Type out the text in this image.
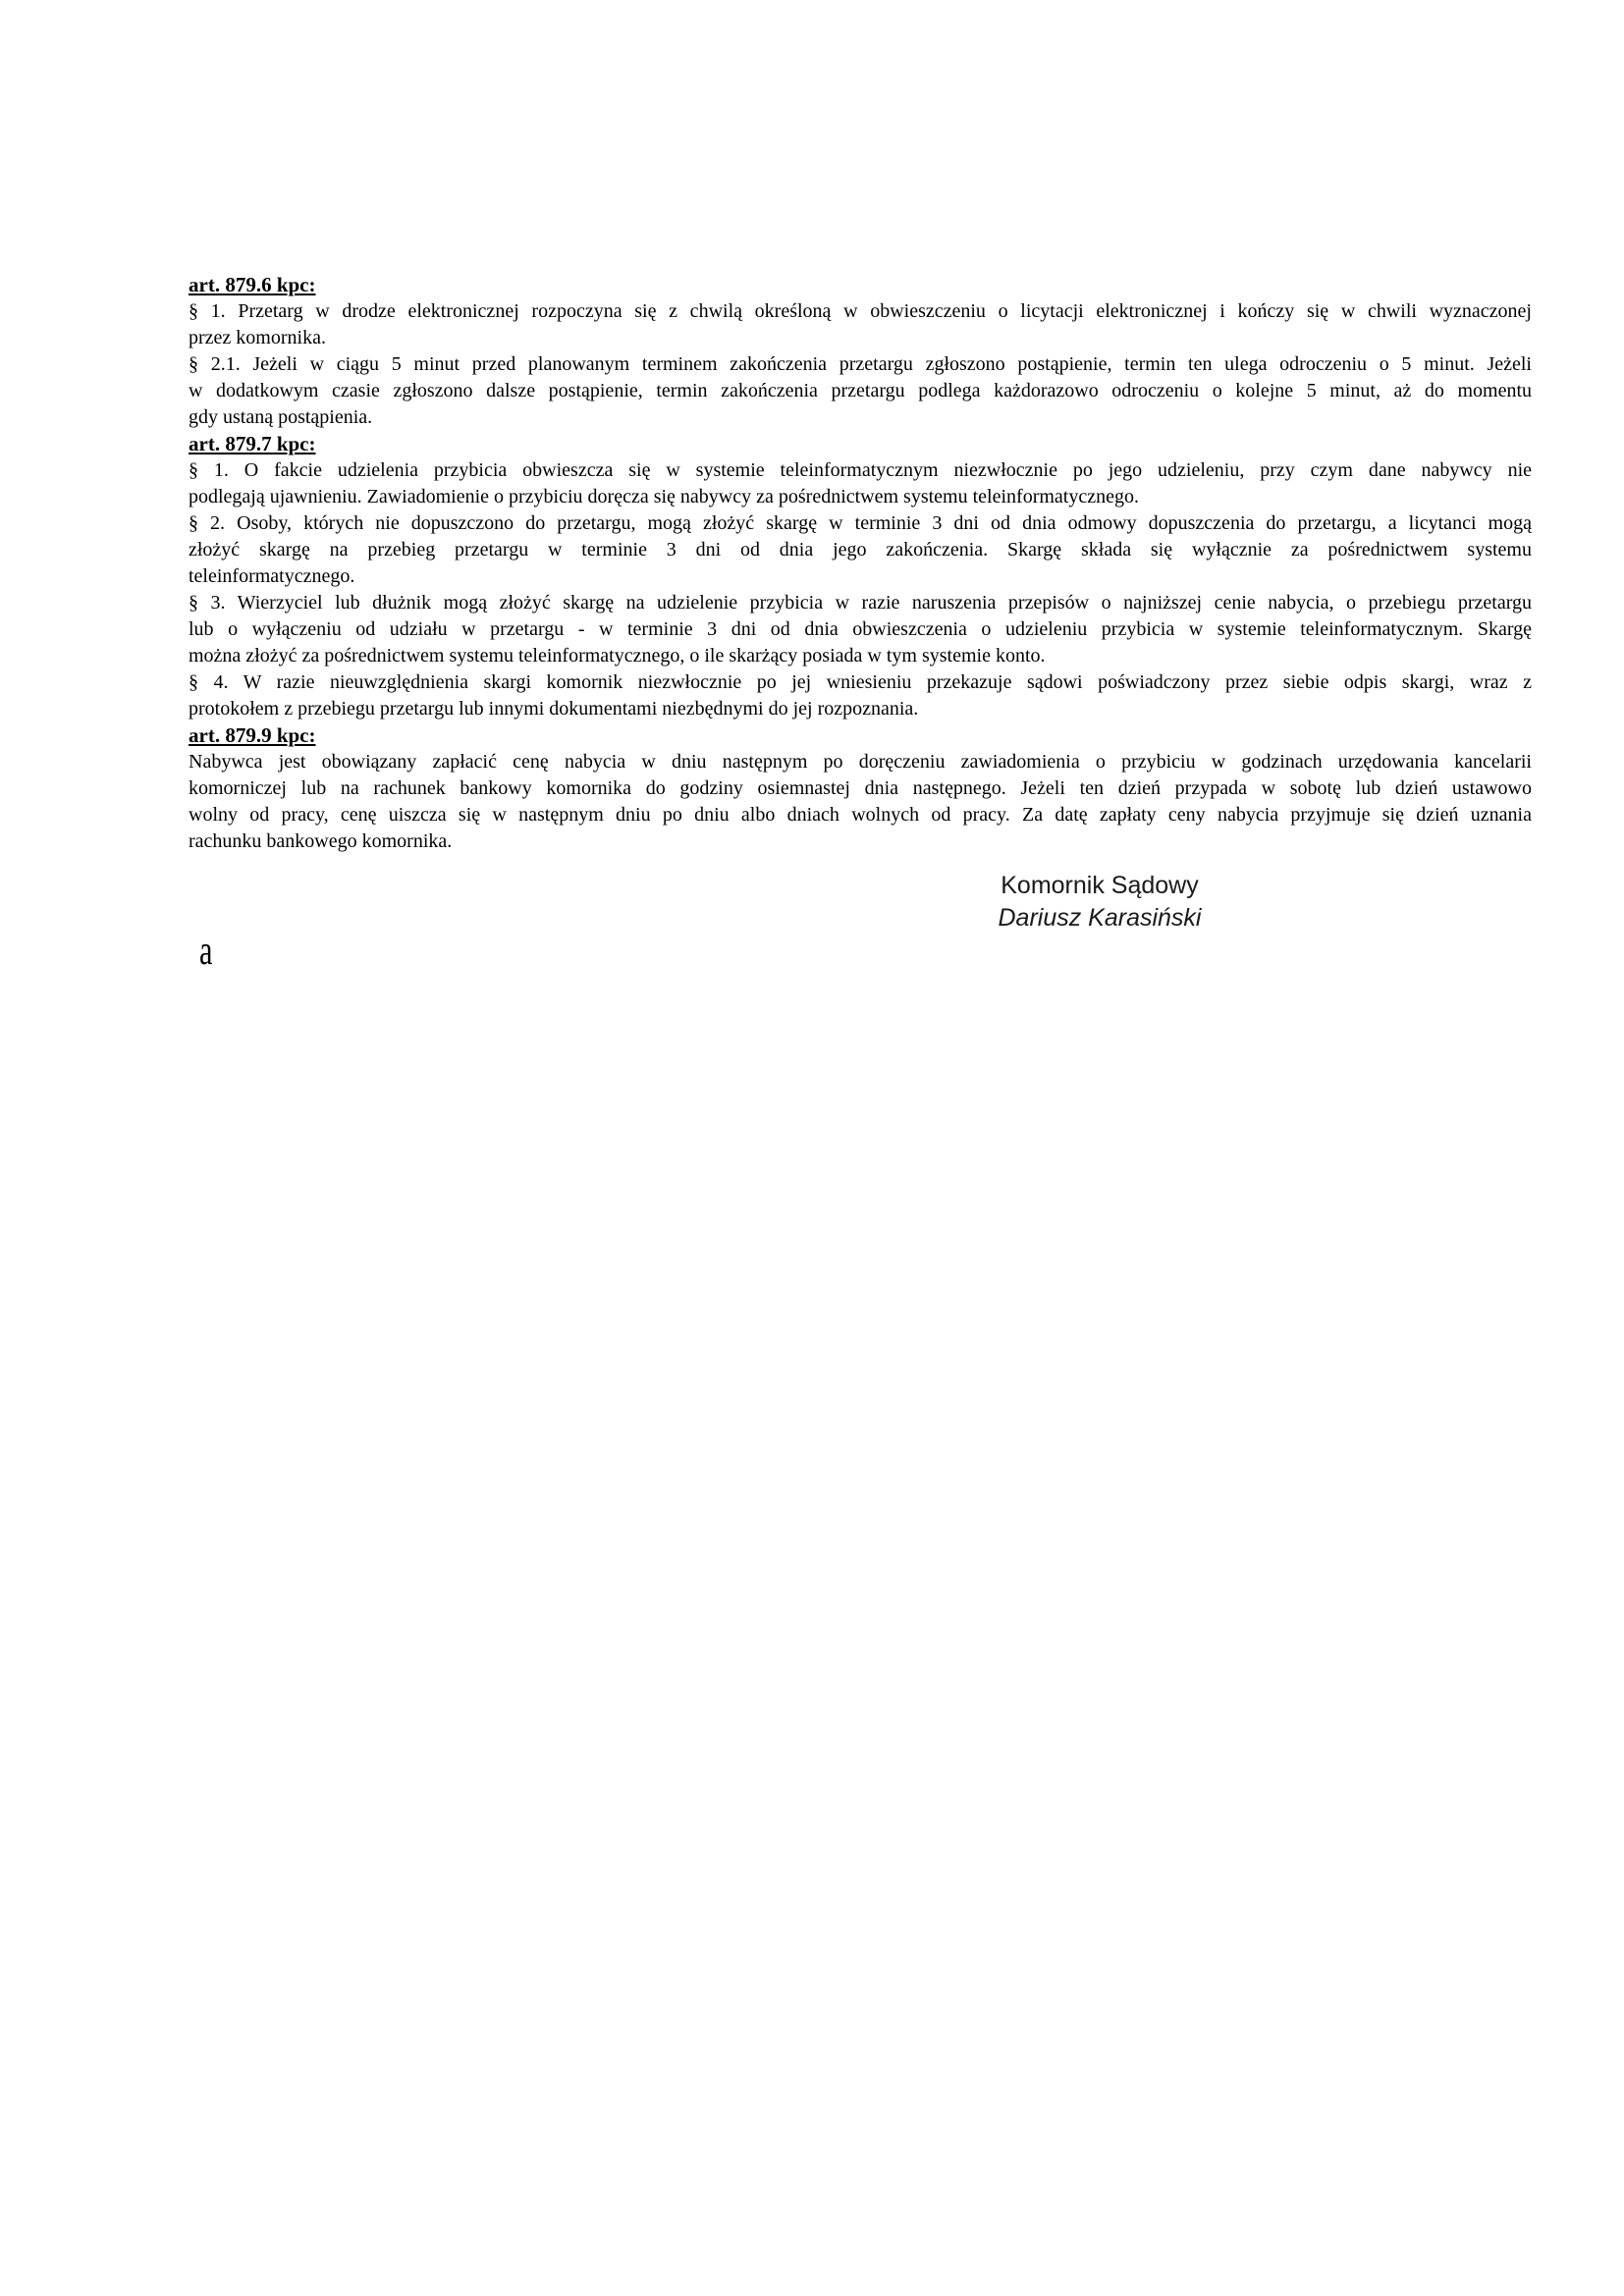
art. 879.6 kpc:
§ 1. Przetarg w drodze elektronicznej rozpoczyna się z chwilą określoną w obwieszczeniu o licytacji elektronicznej i kończy się w chwili wyznaczonej
przez komornika.
§ 2.1. Jeżeli w ciągu 5 minut przed planowanym terminem zakończenia przetargu zgłoszono postąpienie, termin ten ulega odroczeniu o 5 minut. Jeżeli
w dodatkowym czasie zgłoszono dalsze postąpienie, termin zakończenia przetargu podlega każdorazowo odroczeniu o kolejne 5 minut, aż do momentu
gdy ustaną postąpienia.
art. 879.7 kpc:
§ 1. O fakcie udzielenia przybicia obwieszcza się w systemie teleinformatycznym niezwłocznie po jego udzieleniu, przy czym dane nabywcy nie
podlegają ujawnieniu. Zawiadomienie o przybiciu doręcza się nabywcy za pośrednictwem systemu teleinformatycznego.
§ 2. Osoby, których nie dopuszczono do przetargu, mogą złożyć skargę w terminie 3 dni od dnia odmowy dopuszczenia do przetargu, a licytanci mogą
złożyć skargę na przebieg przetargu w terminie 3 dni od dnia jego zakończenia. Skargę składa się wyłącznie za pośrednictwem systemu
teleinformatycznego.
§ 3. Wierzyciel lub dłużnik mogą złożyć skargę na udzielenie przybicia w razie naruszenia przepisów o najniższej cenie nabycia, o przebiegu przetargu
lub o wyłączeniu od udziału w przetargu - w terminie 3 dni od dnia obwieszczenia o udzieleniu przybicia w systemie teleinformatycznym. Skargę
można złożyć za pośrednictwem systemu teleinformatycznego, o ile skarżący posiada w tym systemie konto.
§ 4. W razie nieuwzględnienia skargi komornik niezwłocznie po jej wniesieniu przekazuje sądowi poświadczony przez siebie odpis skargi, wraz z
protokołem z przebiegu przetargu lub innymi dokumentami niezbędnymi do jej rozpoznania.
art. 879.9 kpc:
Nabywca jest obowiązany zapłacić cenę nabycia w dniu następnym po doręczeniu zawiadomienia o przybiciu w godzinach urzędowania kancelarii
komorniczej lub na rachunek bankowy komornika do godziny osiemnastej dnia następnego. Jeżeli ten dzień przypada w sobotę lub dzień ustawowo
wolny od pracy, cenę uiszcza się w następnym dniu po dniu albo dniach wolnych od pracy. Za datę zapłaty ceny nabycia przyjmuje się dzień uznania
rachunku bankowego komornika.
Komornik Sądowy
Dariusz Karasiński
a
